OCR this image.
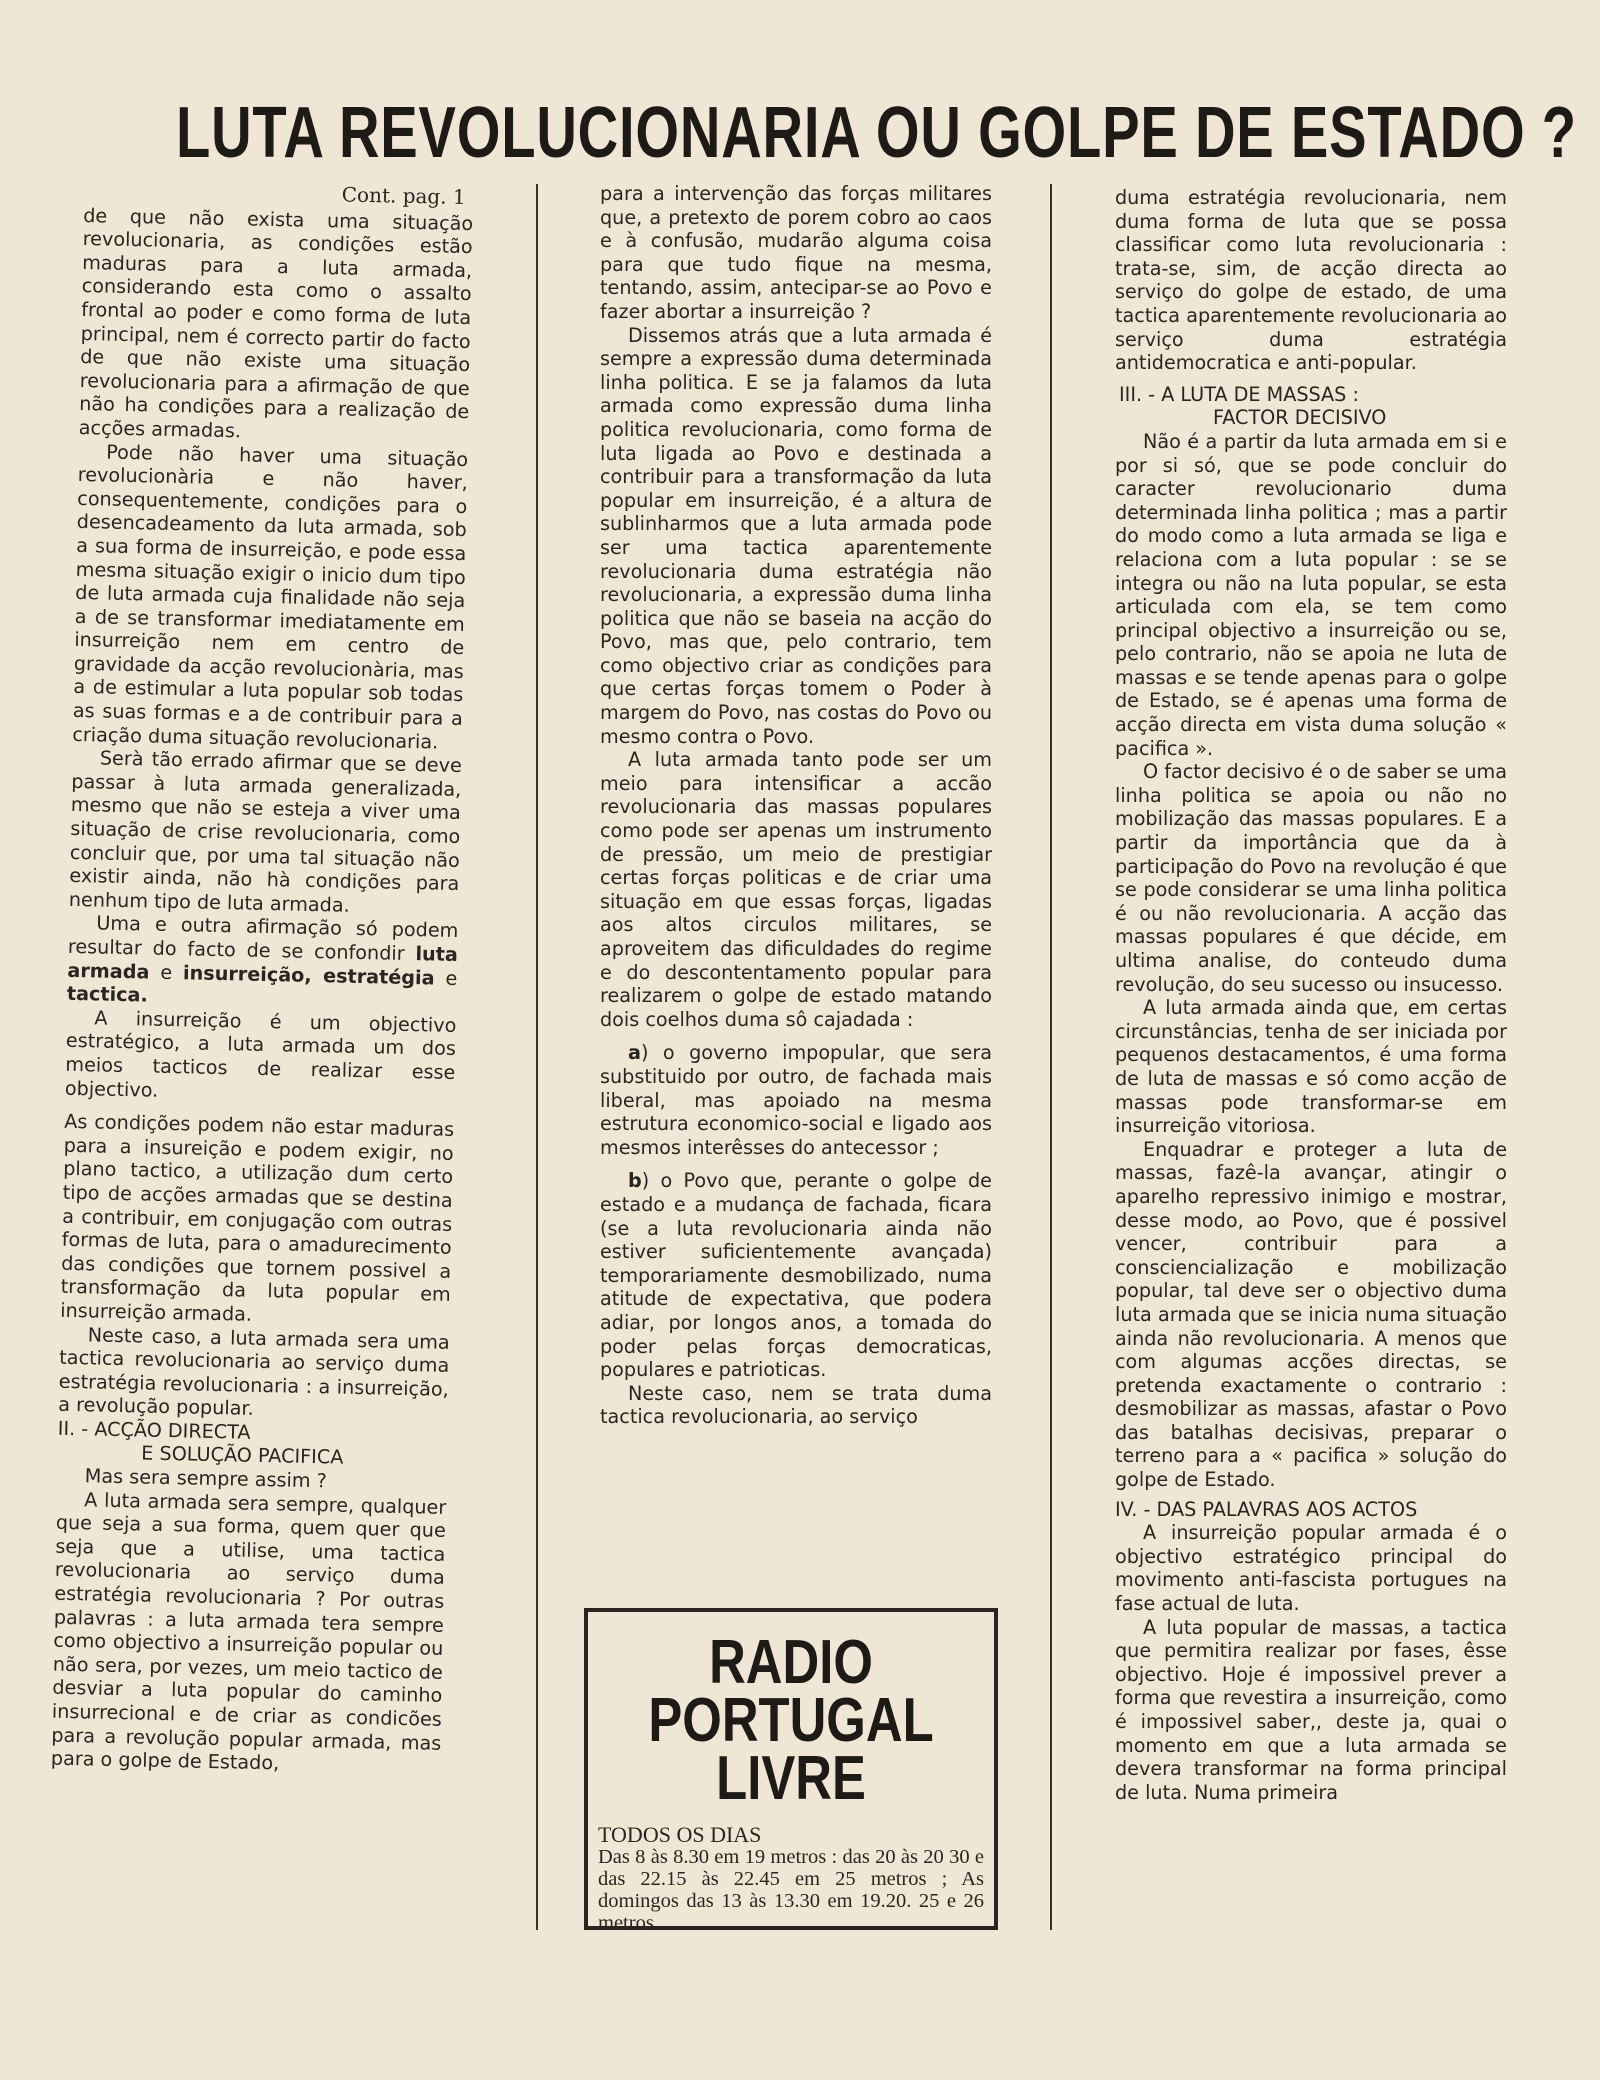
LUTA REVOLUCIONARIA OU GOLPE DE ESTADO ?
Cont. pag. 1

de que não exista uma situação revolucionaria, as condições estão maduras para a luta armada, considerando esta como o assalto frontal ao poder e como forma de luta principal, nem é correcto partir do facto de que não existe uma situação revolucionaria para a afirmação de que não ha condições para a realização de acções armadas.

Pode não haver uma situação revolucionària e não haver, consequentemente, condições para o desencadeamento da luta armada, sob a sua forma de insurreição, e pode essa mesma situação exigir o inicio dum tipo de luta armada cuja finalidade não seja a de se transformar imediatamente em insurreição nem em centro de gravidade da acção revolucionària, mas a de estimular a luta popular sob todas as suas formas e a de contribuir para a criação duma situação revolucionaria.

Serà tão errado afirmar que se deve passar à luta armada generalizada, mesmo que não se esteja a viver uma situação de crise revolucionaria, como concluir que, por uma tal situação não existir ainda, não hà condições para nenhum tipo de luta armada.

Uma e outra afirmação só podem resultar do facto de se confondir luta armada e insurreição, estratégia e tactica.

A insurreição é um objectivo estratégico, a luta armada um dos meios tacticos de realizar esse objectivo.

As condições podem não estar maduras para a insureição e podem exigir, no plano tactico, a utilização dum certo tipo de acções armadas que se destina a contribuir, em conjugação com outras formas de luta, para o amadurecimento das condições que tornem possivel a transformação da luta popular em insurreição armada.

Neste caso, a luta armada sera uma tactica revolucionaria ao serviço duma estratégia revolucionaria : a insurreição, a revolução popular.

II. - ACÇÃO DIRECTA

E SOLUÇÃO PACIFICA

Mas sera sempre assim ?

A luta armada sera sempre, qualquer que seja a sua forma, quem quer que seja que a utilise, uma tactica revolucionaria ao serviço duma estratégia revolucionaria ? Por outras palavras : a luta armada tera sempre como objectivo a insurreição popular ou não sera, por vezes, um meio tactico de desviar a luta popular do caminho insurrecional e de criar as condicões para a revolução popular armada, mas para o golpe de Estado,

para a intervenção das forças militares que, a pretexto de porem cobro ao caos e à confusão, mudarão alguma coisa para que tudo fique na mesma, tentando, assim, antecipar-se ao Povo e fazer abortar a insurreição ?

Dissemos atrás que a luta armada é sempre a expressão duma determinada linha politica. E se ja falamos da luta armada como expressão duma linha politica revolucionaria, como forma de luta ligada ao Povo e destinada a contribuir para a transformação da luta popular em insurreição, é a altura de sublinharmos que a luta armada pode ser uma tactica aparentemente revolucionaria duma estratégia não revolucionaria, a expressão duma linha politica que não se baseia na acção do Povo, mas que, pelo contrario, tem como objectivo criar as condições para que certas forças tomem o Poder à margem do Povo, nas costas do Povo ou mesmo contra o Povo.

A luta armada tanto pode ser um meio para intensificar a accão revolucionaria das massas populares como pode ser apenas um instrumento de pressão, um meio de prestigiar certas forças politicas e de criar uma situação em que essas forças, ligadas aos altos circulos militares, se aproveitem das dificuldades do regime e do descontentamento popular para realizarem o golpe de estado matando dois coelhos duma sô cajadada :

a) o governo impopular, que sera substituido por outro, de fachada mais liberal, mas apoiado na mesma estrutura economico-social e ligado aos mesmos interêsses do antecessor ;

b) o Povo que, perante o golpe de estado e a mudança de fachada, ficara (se a luta revolucionaria ainda não estiver suficientemente avançada) temporariamente desmobilizado, numa atitude de expectativa, que podera adiar, por longos anos, a tomada do poder pelas forças democraticas, populares e patrioticas.

Neste caso, nem se trata duma tactica revolucionaria, ao serviço

RADIO
PORTUGAL
LIVRE
TODOS OS DIAS
Das 8 às 8.30 em 19 metros : das 20 às 20 30 e das 22.15 às 22.45 em 25 metros ; As domingos das 13 às 13.30 em 19.20. 25 e 26 metros

duma estratégia revolucionaria, nem duma forma de luta que se possa classificar como luta revolucionaria : trata-se, sim, de acção directa ao serviço do golpe de estado, de uma tactica aparentemente revolucionaria ao serviço duma estratégia antidemocratica e anti-popular.

III. - A LUTA DE MASSAS :

FACTOR DECISIVO

Não é a partir da luta armada em si e por si só, que se pode concluir do caracter revolucionario duma determinada linha politica ; mas a partir do modo como a luta armada se liga e relaciona com a luta popular : se se integra ou não na luta popular, se esta articulada com ela, se tem como principal objectivo a insurreição ou se, pelo contrario, não se apoia ne luta de massas e se tende apenas para o golpe de Estado, se é apenas uma forma de acção directa em vista duma solução « pacifica ».

O factor decisivo é o de saber se uma linha politica se apoia ou não no mobilização das massas populares. E a partir da importância que da à participação do Povo na revolução é que se pode considerar se uma linha politica é ou não revolucionaria. A acção das massas populares é que décide, em ultima analise, do conteudo duma revolução, do seu sucesso ou insucesso.

A luta armada ainda que, em certas circunstâncias, tenha de ser iniciada por pequenos destacamentos, é uma forma de luta de massas e só como acção de massas pode transformar-se em insurreição vitoriosa.

Enquadrar e proteger a luta de massas, fazê-la avançar, atingir o aparelho repressivo inimigo e mostrar, desse modo, ao Povo, que é possivel vencer, contribuir para a consciencialização e mobilização popular, tal deve ser o objectivo duma luta armada que se inicia numa situação ainda não revolucionaria. A menos que com algumas acções directas, se pretenda exactamente o contrario : desmobilizar as massas, afastar o Povo das batalhas decisivas, preparar o terreno para a « pacifica » solução do golpe de Estado.

IV. - DAS PALAVRAS AOS ACTOS

A insurreição popular armada é o objectivo estratégico principal do movimento anti-fascista portugues na fase actual de luta.

A luta popular de massas, a tactica que permitira realizar por fases, êsse objectivo. Hoje é impossivel prever a forma que revestira a insurreição, como é impossivel saber,, deste ja, quai o momento em que a luta armada se devera transformar na forma principal de luta. Numa primeira
